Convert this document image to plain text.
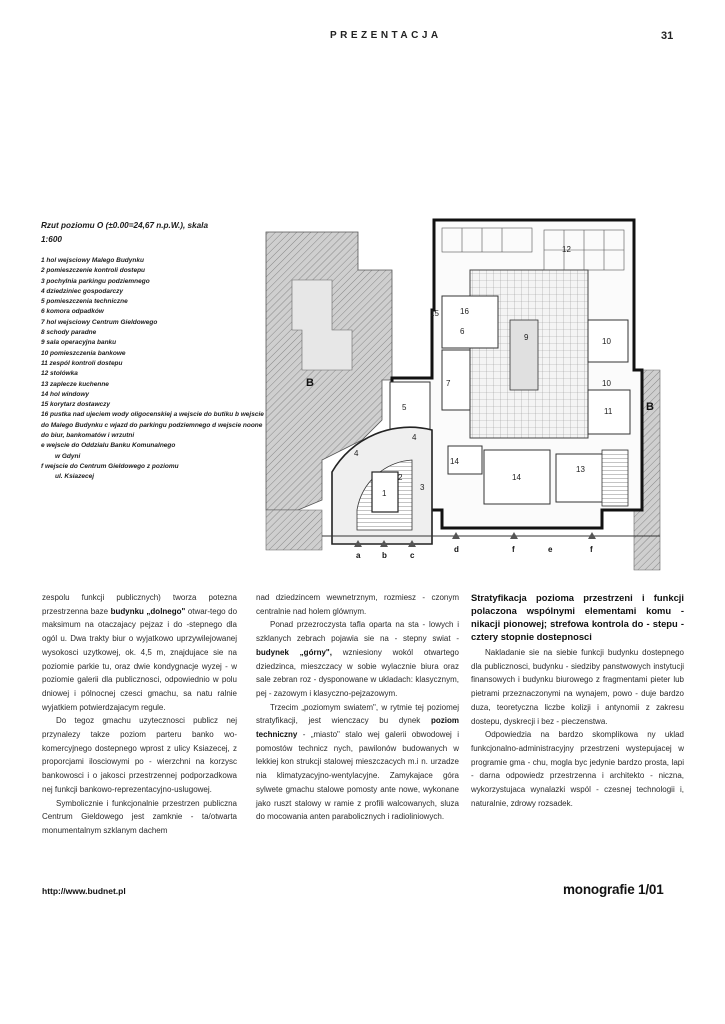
PREZENTACJA	31
Rzut poziomu O (±0.00=24,67 n.p.W.), skala
1:600
1 hol wejsciowy Malego Budynku
2 pomieszczenie kontroli dostepu
3 pochylnia parkingu podziemnego
4 dziedziniec gospodarczy
5 pomieszczenia techniczne
6 komora odpadków
7 hol wejsciowy Centrum Gieldowego
8 schody paradne
9 sala operacyjna banku
10 pomieszczenia bankowe
11 zespól kontroli dostepu
12 stolówka
13 zaplecze kuchenne
14 hol windowy
15 korytarz dostawczy
16 pustka nad ujeciem wody oligocenskiej a wejscie do butiku b wejscie do Malego Budynku c wjazd do parkingu podziemnego d wejscie noone do biur, bankomatów i wrzutni
e wejscie do Oddzialu Banku Komunalnego
w Gdyni
f wejscie do Centrum Gieldowego z poziomu
ul. Ksiazecej
16
15
6
5
9	10
10
11
7
14
14
13
12
3
4
2
1
4
B
B
a	b	c
d	e
f	f

zespolu funkcji publicznych) tworza potezna przestrzenna baze budynku „dolnego" otwar-tego do maksimum na otaczajacy pejzaz i do -stepnego dla ogól u. Dwa trakty biur o wyjatkowo uprzywilejowanej wysokosci uzytkowej, ok. 4,5 m, znajdujace sie na poziomie parkie tu, oraz dwie kondygnacje wyzej - w poziomie galerii dla publicznosci, odpowiednio w polu dniowej i pólnocnej czesci gmachu, sa natu ralnie wyjatkiem potwierdzajacym regule.

Do tegoz gmachu uzytecznosci publicz nej przynalezy takze poziom parteru banko wo-komercyjnego dostepnego wprost z ulicy Ksiazecej, z proporcjami ilosciowymi po - wierzchni na korzysc bankowosci i o jakosci przestrzennej podporzadkowa nej funkcji bankowo-reprezentacyjno-uslugowej.

Symbolicznie i funkcjonalnie przestrzen publiczna Centrum Gieldowego jest zamknie - ta/otwarta monumentalnym szklanym dachem

nad dziedzincem wewnetrznym, rozmiesz - czonym centralnie nad holem glównym.

Ponad przezroczysta tafla oparta na sta - lowych i szklanych zebrach pojawia sie na - stepny swiat - budynek „górny", wzniesiony wokól otwartego dziedzinca, mieszczacy w sobie wylacznie biura oraz sale zebran roz - dysponowane w ukladach: klasycznym, pej - zazowym i klasyczno-pejzazowym.

Trzecim „poziomym swiatem", w rytmie tej poziomej stratyfikacji, jest wienczacy bu dynek poziom techniczny - „miasto" stalo wej galerii obwodowej i pomostów technicz nych, pawilonów budowanych w lekkiej kon strukcji stalowej mieszczacych m.i n. urzadze nia klimatyzacyjno-wentylacyjne. Zamykajace góra sylwete gmachu stalowe pomosty ante nowe, wykonane jako ruszt stalowy w ramie z profili walcowanych, sluza do mocowania anten parabolicznych i radioliniowych.

Stratyfikacja pozioma przestrzeni i funkcji polaczona wspólnymi elementami komu - nikacji pionowej; strefowa kontrola do - stepu - cztery stopnie dostepnosci

Nakladanie sie na siebie funkcji budynku dostepnego dla publicznosci, budynku - siedziby panstwowych instytucji finansowych i budynku biurowego z fragmentami pieter lub pietrami przeznaczonymi na wynajem, powo - duje bardzo duza, teoretyczna liczbe kolizji i antynomii z zakresu dostepu, dyskrecji i bez - pieczenstwa.

Odpowiedzia na bardzo skomplikowa ny uklad funkcjonalno-administracyjny przestrzeni wystepujacej w programie gma - chu, mogla byc jedynie bardzo prosta, lapi - darna odpowiedz przestrzenna i architekto - niczna, wykorzystujaca wynalazki wspól - czesnej technologii i, naturalnie, zdrowy rozsadek.

http://www.budnet.pl	monografie 1/01
